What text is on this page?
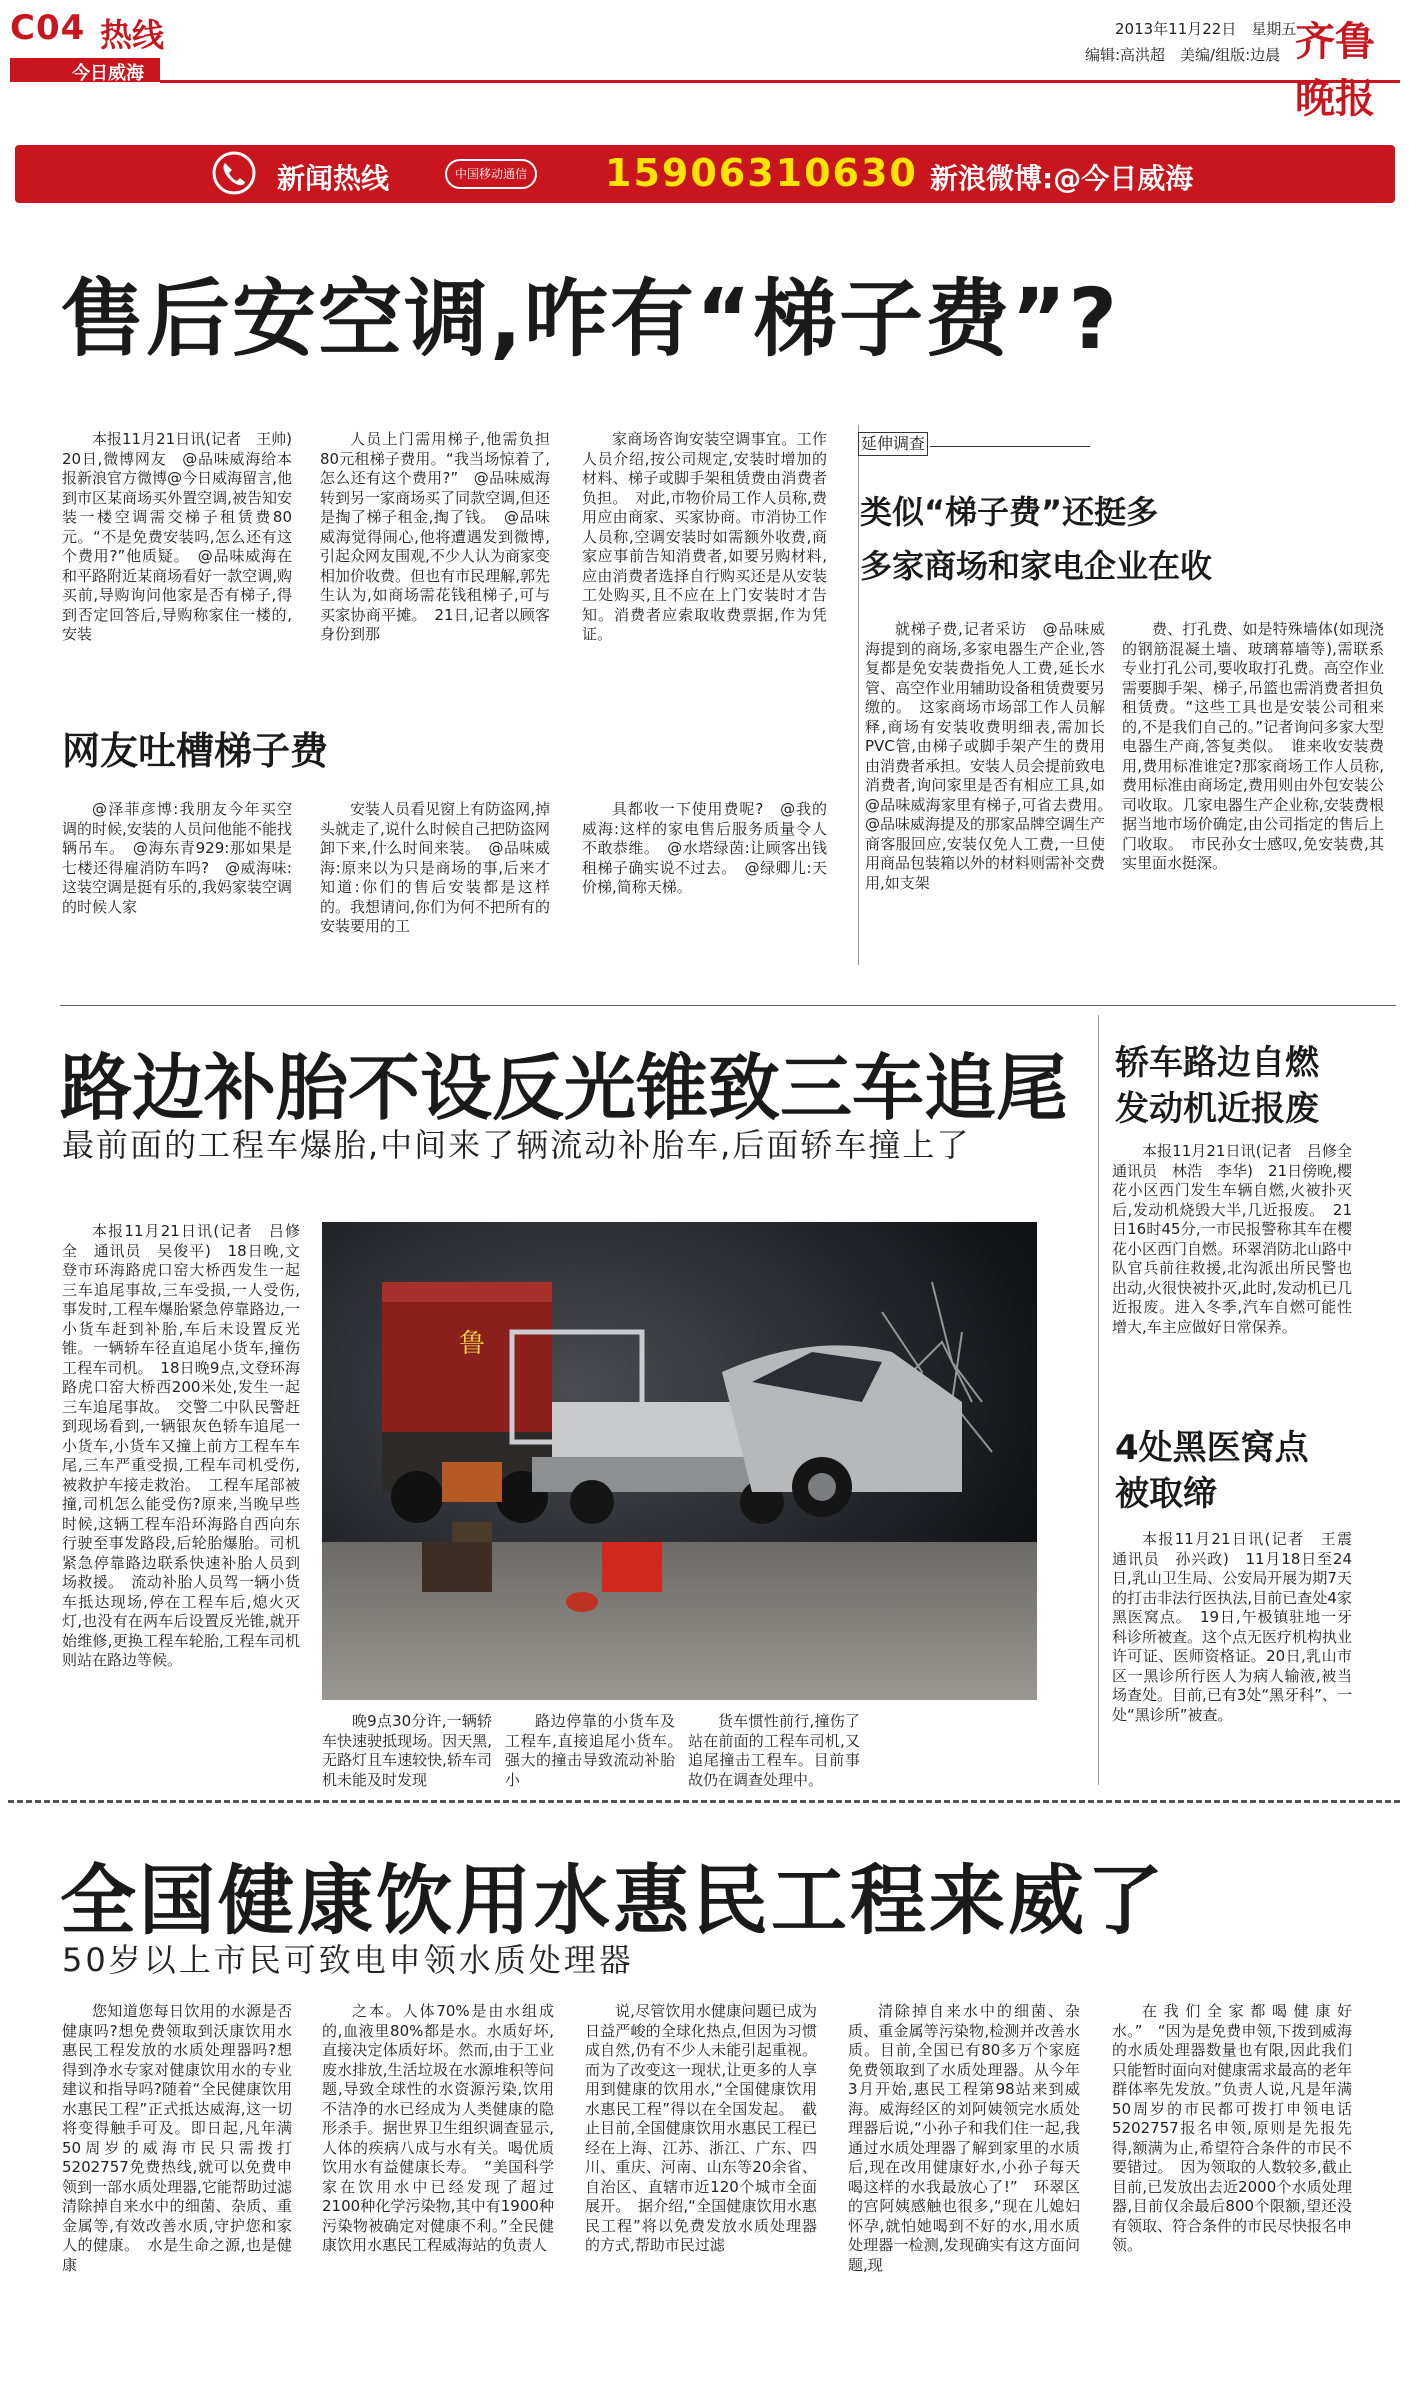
C04 热线
今日威海
2013年11月22日　星期五
编辑:高洪超　美编/组版:边晨 齐鲁晚报
新闻热线	中国移动通信 15906310630 新浪微博:@今日威海
售后安空调,咋有“梯子费”?

本报11月21日讯(记者　王帅)　20日,微博网友　@品味威海给本报新浪官方微博@今日威海留言,他到市区某商场买外置空调,被告知安装一楼空调需交梯子租赁费80元。“不是免费安装吗,怎么还有这个费用?”他质疑。　@品味威海在和平路附近某商场看好一款空调,购买前,导购询问他家是否有梯子,得到否定回答后,导购称家住一楼的,安装

人员上门需用梯子,他需负担80元租梯子费用。“我当场惊着了,怎么还有这个费用?”　@品味威海转到另一家商场买了同款空调,但还是掏了梯子租金,掏了钱。　@品味威海觉得闹心,他将遭遇发到微博,引起众网友围观,不少人认为商家变相加价收费。但也有市民理解,郭先生认为,如商场需花钱租梯子,可与买家协商平摊。　21日,记者以顾客身份到那

家商场咨询安装空调事宜。工作人员介绍,按公司规定,安装时增加的材料、梯子或脚手架租赁费由消费者负担。　对此,市物价局工作人员称,费用应由商家、买家协商。市消协工作人员称,空调安装时如需额外收费,商家应事前告知消费者,如要另购材料,应由消费者选择自行购买还是从安装工处购买,且不应在上门安装时才告知。消费者应索取收费票据,作为凭证。

网友吐槽梯子费

@泽菲彦博:我朋友今年买空调的时候,安装的人员问他能不能找辆吊车。　@海东青929:那如果是七楼还得雇消防车吗?　@威海味:这装空调是挺有乐的,我妈家装空调的时候人家

安装人员看见窗上有防盗网,掉头就走了,说什么时候自己把防盗网卸下来,什么时间来装。　@品味威海:原来以为只是商场的事,后来才知道:你们的售后安装都是这样的。我想请问,你们为何不把所有的安装要用的工

具都收一下使用费呢?　@我的威海:这样的家电售后服务质量令人不敢恭维。　@水塔绿茵:让顾客出钱租梯子确实说不过去。　@绿卿儿:天价梯,简称天梯。

延伸调查
类似“梯子费”还挺多
多家商场和家电企业在收

就梯子费,记者采访　@品味威海提到的商场,多家电器生产企业,答复都是免安装费指免人工费,延长水管、高空作业用辅助设备租赁费要另缴的。　这家商场市场部工作人员解释,商场有安装收费明细表,需加长PVC管,由梯子或脚手架产生的费用由消费者承担。安装人员会提前致电消费者,询问家里是否有相应工具,如　@品味威海家里有梯子,可省去费用。　@品味威海提及的那家品牌空调生产商客服回应,安装仅免人工费,一旦使用商品包装箱以外的材料则需补交费用,如支架

费、打孔费、如是特殊墙体(如现浇的钢筋混凝土墙、玻璃幕墙等),需联系专业打孔公司,要收取打孔费。高空作业需要脚手架、梯子,吊篮也需消费者担负租赁费。“这些工具也是安装公司租来的,不是我们自己的。”记者询问多家大型电器生产商,答复类似。　谁来收安装费用,费用标准谁定?那家商场工作人员称,费用标准由商场定,费用则由外包安装公司收取。几家电器生产企业称,安装费根据当地市场价确定,由公司指定的售后上门收取。　市民孙女士感叹,免安装费,其实里面水挺深。

路边补胎不设反光锥致三车追尾
最前面的工程车爆胎,中间来了辆流动补胎车,后面轿车撞上了

本报11月21日讯(记者　吕修全　通讯员　吴俊平)　18日晚,文登市环海路虎口窑大桥西发生一起三车追尾事故,三车受损,一人受伤,事发时,工程车爆胎紧急停靠路边,一小货车赶到补胎,车后未设置反光锥。一辆轿车径直追尾小货车,撞伤工程车司机。　18日晚9点,文登环海路虎口窑大桥西200米处,发生一起三车追尾事故。　交警二中队民警赶到现场看到,一辆银灰色轿车追尾一小货车,小货车又撞上前方工程车车尾,三车严重受损,工程车司机受伤,被救护车接走救治。　工程车尾部被撞,司机怎么能受伤?原来,当晚早些时候,这辆工程车沿环海路自西向东行驶至事发路段,后轮胎爆胎。司机紧急停靠路边联系快速补胎人员到场救援。　流动补胎人员驾一辆小货车抵达现场,停在工程车后,熄火灭灯,也没有在两车后设置反光锥,就开始维修,更换工程车轮胎,工程车司机则站在路边等候。

鲁

晚9点30分许,一辆轿车快速驶抵现场。因天黑,无路灯且车速较快,轿车司机未能及时发现

路边停靠的小货车及工程车,直接追尾小货车。　强大的撞击导致流动补胎小

货车惯性前行,撞伤了站在前面的工程车司机,又追尾撞击工程车。目前事故仍在调查处理中。

轿车路边自燃
发动机近报废

本报11月21日讯(记者　吕修全　通讯员　林浩　李华)　21日傍晚,樱花小区西门发生车辆自燃,火被扑灭后,发动机烧毁大半,几近报废。　21日16时45分,一市民报警称其车在樱花小区西门自燃。环翠消防北山路中队官兵前往救援,北沟派出所民警也出动,火很快被扑灭,此时,发动机已几近报废。进入冬季,汽车自燃可能性增大,车主应做好日常保养。

4处黑医窝点
被取缔

本报11月21日讯(记者　王震　通讯员　孙兴政)　11月18日至24日,乳山卫生局、公安局开展为期7天的打击非法行医执法,目前已查处4家黑医窝点。　19日,午极镇驻地一牙科诊所被查。这个点无医疗机构执业许可证、医师资格证。20日,乳山市区一黑诊所行医人为病人输液,被当场查处。目前,已有3处“黑牙科”、一处“黑诊所”被查。

全国健康饮用水惠民工程来威了
50岁以上市民可致电申领水质处理器

您知道您每日饮用的水源是否健康吗?想免费领取到沃康饮用水惠民工程发放的水质处理器吗?想得到净水专家对健康饮用水的专业建议和指导吗?随着“全民健康饮用水惠民工程”正式抵达威海,这一切将变得触手可及。即日起,凡年满50周岁的威海市民只需拨打5202757免费热线,就可以免费申领到一部水质处理器,它能帮助过滤清除掉自来水中的细菌、杂质、重金属等,有效改善水质,守护您和家人的健康。　水是生命之源,也是健康

之本。人体70%是由水组成的,血液里80%都是水。水质好坏,直接决定体质好坏。然而,由于工业废水排放,生活垃圾在水源堆积等问题,导致全球性的水资源污染,饮用不洁净的水已经成为人类健康的隐形杀手。据世界卫生组织调查显示,人体的疾病八成与水有关。喝优质饮用水有益健康长寿。　“美国科学家在饮用水中已经发现了超过2100种化学污染物,其中有1900种污染物被确定对健康不利。”全民健康饮用水惠民工程威海站的负责人

说,尽管饮用水健康问题已成为日益严峻的全球化热点,但因为习惯成自然,仍有不少人未能引起重视。而为了改变这一现状,让更多的人享用到健康的饮用水,“全国健康饮用水惠民工程”得以在全国发起。　截止目前,全国健康饮用水惠民工程已经在上海、江苏、浙江、广东、四川、重庆、河南、山东等20余省、自治区、直辖市近120个城市全面展开。　据介绍,“全国健康饮用水惠民工程”将以免费发放水质处理器的方式,帮助市民过滤

清除掉自来水中的细菌、杂质、重金属等污染物,检测并改善水质。目前,全国已有80多万个家庭免费领取到了水质处理器。从今年3月开始,惠民工程第98站来到威海。威海经区的刘阿姨领完水质处理器后说,“小孙子和我们住一起,我通过水质处理器了解到家里的水质后,现在改用健康好水,小孙子每天喝这样的水我最放心了!”　环翠区的宫阿姨感触也很多,“现在儿媳妇怀孕,就怕她喝到不好的水,用水质处理器一检测,发现确实有这方面问题,现

在我们全家都喝健康好水。”　“因为是免费申领,下拨到威海的水质处理器数量也有限,因此我们只能暂时面向对健康需求最高的老年群体率先发放。”负责人说,凡是年满50周岁的市民都可拨打申领电话5202757报名申领,原则是先报先得,额满为止,希望符合条件的市民不要错过。　因为领取的人数较多,截止目前,已发放出去近2000个水质处理器,目前仅余最后800个限额,望还没有领取、符合条件的市民尽快报名申领。
